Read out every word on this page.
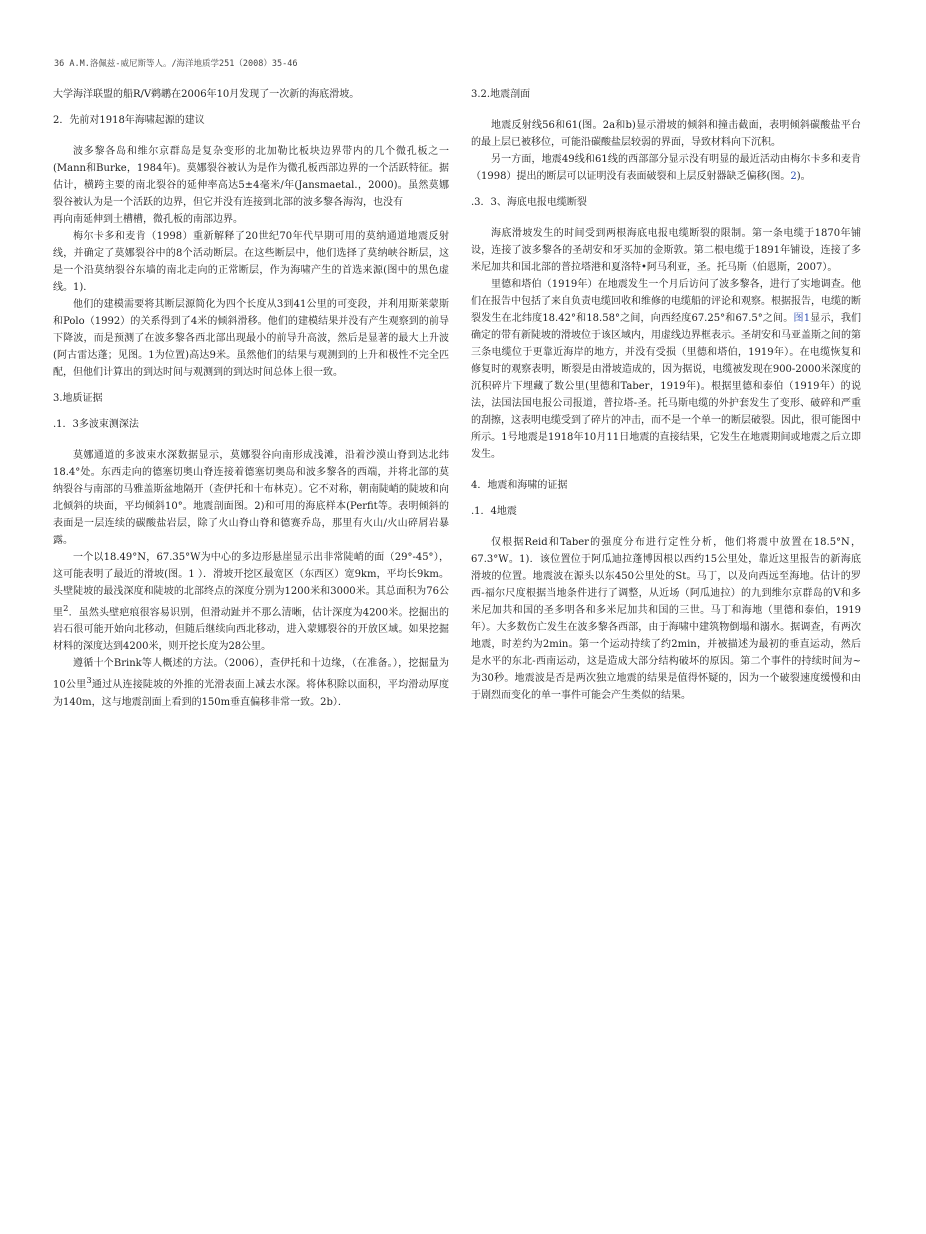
36 A.M.洛佩兹-威尼斯等人。/海洋地质学251（2008）35-46

大学海洋联盟的船R/V鹈鹕在2006年10月发现了一次新的海底滑坡。

2．先前对1918年海啸起源的建议

波多黎各岛和维尔京群岛是复杂变形的北加勒比板块边界带内的几个微孔板之一(Mann和Burke，1984年)。莫娜裂谷被认为是作为微孔板西部边界的一个活跃特征。据估计，横跨主要的南北裂谷的延伸率高达5±4毫米/年(Jansmaetal.，2000)。虽然莫娜裂谷被认为是一个活跃的边界，但它并没有连接到北部的波多黎各海沟，也没有

再向南延伸到土槽槽，微孔板的南部边界。

梅尔卡多和麦肯（1998）重新解释了20世纪70年代早期可用的莫纳通道地震反射线，并确定了莫娜裂谷中的8个活动断层。在这些断层中，他们选择了莫纳峡谷断层，这是一个沿莫纳裂谷东墙的南北走向的正常断层，作为海啸产生的首选来源(图中的黑色虚线。1)．

他们的建模需要将其断层源简化为四个长度从3到41公里的可变段，并利用斯莱蒙斯和Polo（1992）的关系得到了4米的倾斜滑移。他们的建模结果并没有产生观察到的前导下降波，而是预测了在波多黎各西北部出现最小的前导升高波，然后是显著的最大上升波(阿古雷达蓬；见图。1为位置)高达9米。虽然他们的结果与观测到的上升和极性不完全匹配，但他们计算出的到达时间与观测到的到达时间总体上很一致。

3.地质证据
.1．3多波束测深法

莫娜通道的多波束水深数据显示，莫娜裂谷向南形成浅滩，沿着沙漠山脊到达北纬18.4°处。东西走向的德塞切奥山脊连接着德塞切奥岛和波多黎各的西端，并将北部的莫纳裂谷与南部的马雅盖斯盆地隔开（查伊托和十布林克）。它不对称，朝南陡峭的陡坡和向北倾斜的块面，平均倾斜10°。地震剖面图。2)和可用的海底样本(Perfit等。表明倾斜的表面是一层连续的碳酸盐岩层，除了火山脊山脊和德赛乔岛，那里有火山/火山碎屑岩暴露。

一个以18.49°N，67.35°W为中心的多边形悬崖显示出非常陡峭的面（29°-45°），这可能表明了最近的滑坡(图。1 ）．滑坡开挖区最宽区（东西区）宽9km，平均长9km。头壁陡坡的最浅深度和陡坡的北部终点的深度分别为1200米和3000米。其总面积为76公里$^2$．虽然头壁疤痕很容易识别，但滑动趾并不那么清晰，估计深度为4200米。挖掘出的岩石很可能开始向北移动，但随后继续向西北移动，进入蒙娜裂谷的开放区域。如果挖掘材料的深度达到4200米，则开挖长度为28公里。

遵循十个Brink等人概述的方法。（2006），查伊托和十边缘，（在准备。），挖掘量为10公里$^3$通过从连接陡坡的外推的光滑表面上减去水深。将体积除以面积，平均滑动厚度为140m，这与地震剖面上看到的150m垂直偏移非常一致。2b）．

3.2.地震剖面

地震反射线56和61(图。2a和b)显示滑坡的倾斜和撞击截面，表明倾斜碳酸盐平台的最上层已被移位，可能沿碳酸盐层较弱的界面，导致材料向下沉积。

另一方面，地震49线和61线的西部部分显示没有明显的最近活动由梅尔卡多和麦肯（1998）提出的断层可以证明没有表面破裂和上层反射器缺乏偏移(图。2)。

.3．3、海底电报电缆断裂

海底滑坡发生的时间受到两根海底电报电缆断裂的限制。第一条电缆于1870年铺设，连接了波多黎各的圣胡安和牙买加的金斯敦。第二根电缆于1891年铺设，连接了多米尼加共和国北部的普拉塔港和夏洛特•阿马利亚，圣。托马斯（伯恩斯，2007）。

里德和塔伯（1919年）在地震发生一个月后访问了波多黎各，进行了实地调查。他们在报告中包括了来自负责电缆回收和维修的电缆船的评论和观察。根据报告，电缆的断裂发生在北纬度18.42°和18.58°之间，向西经度67.25°和67.5°之间。图1显示，我们确定的带有新陡坡的滑坡位于该区域内，用虚线边界框表示。圣胡安和马亚盖斯之间的第三条电缆位于更靠近海岸的地方，并没有受损（里德和塔伯，1919年）。在电缆恢复和修复时的观察表明，断裂是由滑坡造成的，因为据说，电缆被发现在900-2000米深度的沉积碎片下埋藏了数公里(里德和Taber，1919年)。根据里德和泰伯（1919年）的说法，法国法国电报公司报道，普拉塔-圣。托马斯电缆的外护套发生了变形、破碎和严重的刮擦，这表明电缆受到了碎片的冲击，而不是一个单一的断层破裂。因此，很可能图中所示。1号地震是1918年10月11日地震的直接结果，它发生在地震期间或地震之后立即发生。

4．地震和海啸的证据
.1．4地震

仅根据Reid和Taber的强度分布进行定性分析，他们将震中放置在18.5°N，67.3°W。1)．该位置位于阿瓜迪拉蓬博因根以西约15公里处，靠近这里报告的新海底滑坡的位置。地震波在源头以东450公里处的St。马丁，以及向西远至海地。估计的罗西-福尔尺度根据当地条件进行了调整，从近场（阿瓜迪拉）的九到维尔京群岛的V和多米尼加共和国的圣多明各和多米尼加共和国的三世。马丁和海地（里德和泰伯，1919年）。大多数伤亡发生在波多黎各西部，由于海啸中建筑物倒塌和溺水。据调查，有两次地震，时差约为2min。第一个运动持续了约2min，并被描述为最初的垂直运动，然后是水平的东北-西南运动，这是造成大部分结构破坏的原因。第二个事件的持续时间为~为30秒。地震波是否是两次独立地震的结果是值得怀疑的，因为一个破裂速度缓慢和由于剧烈而变化的单一事件可能会产生类似的结果。
